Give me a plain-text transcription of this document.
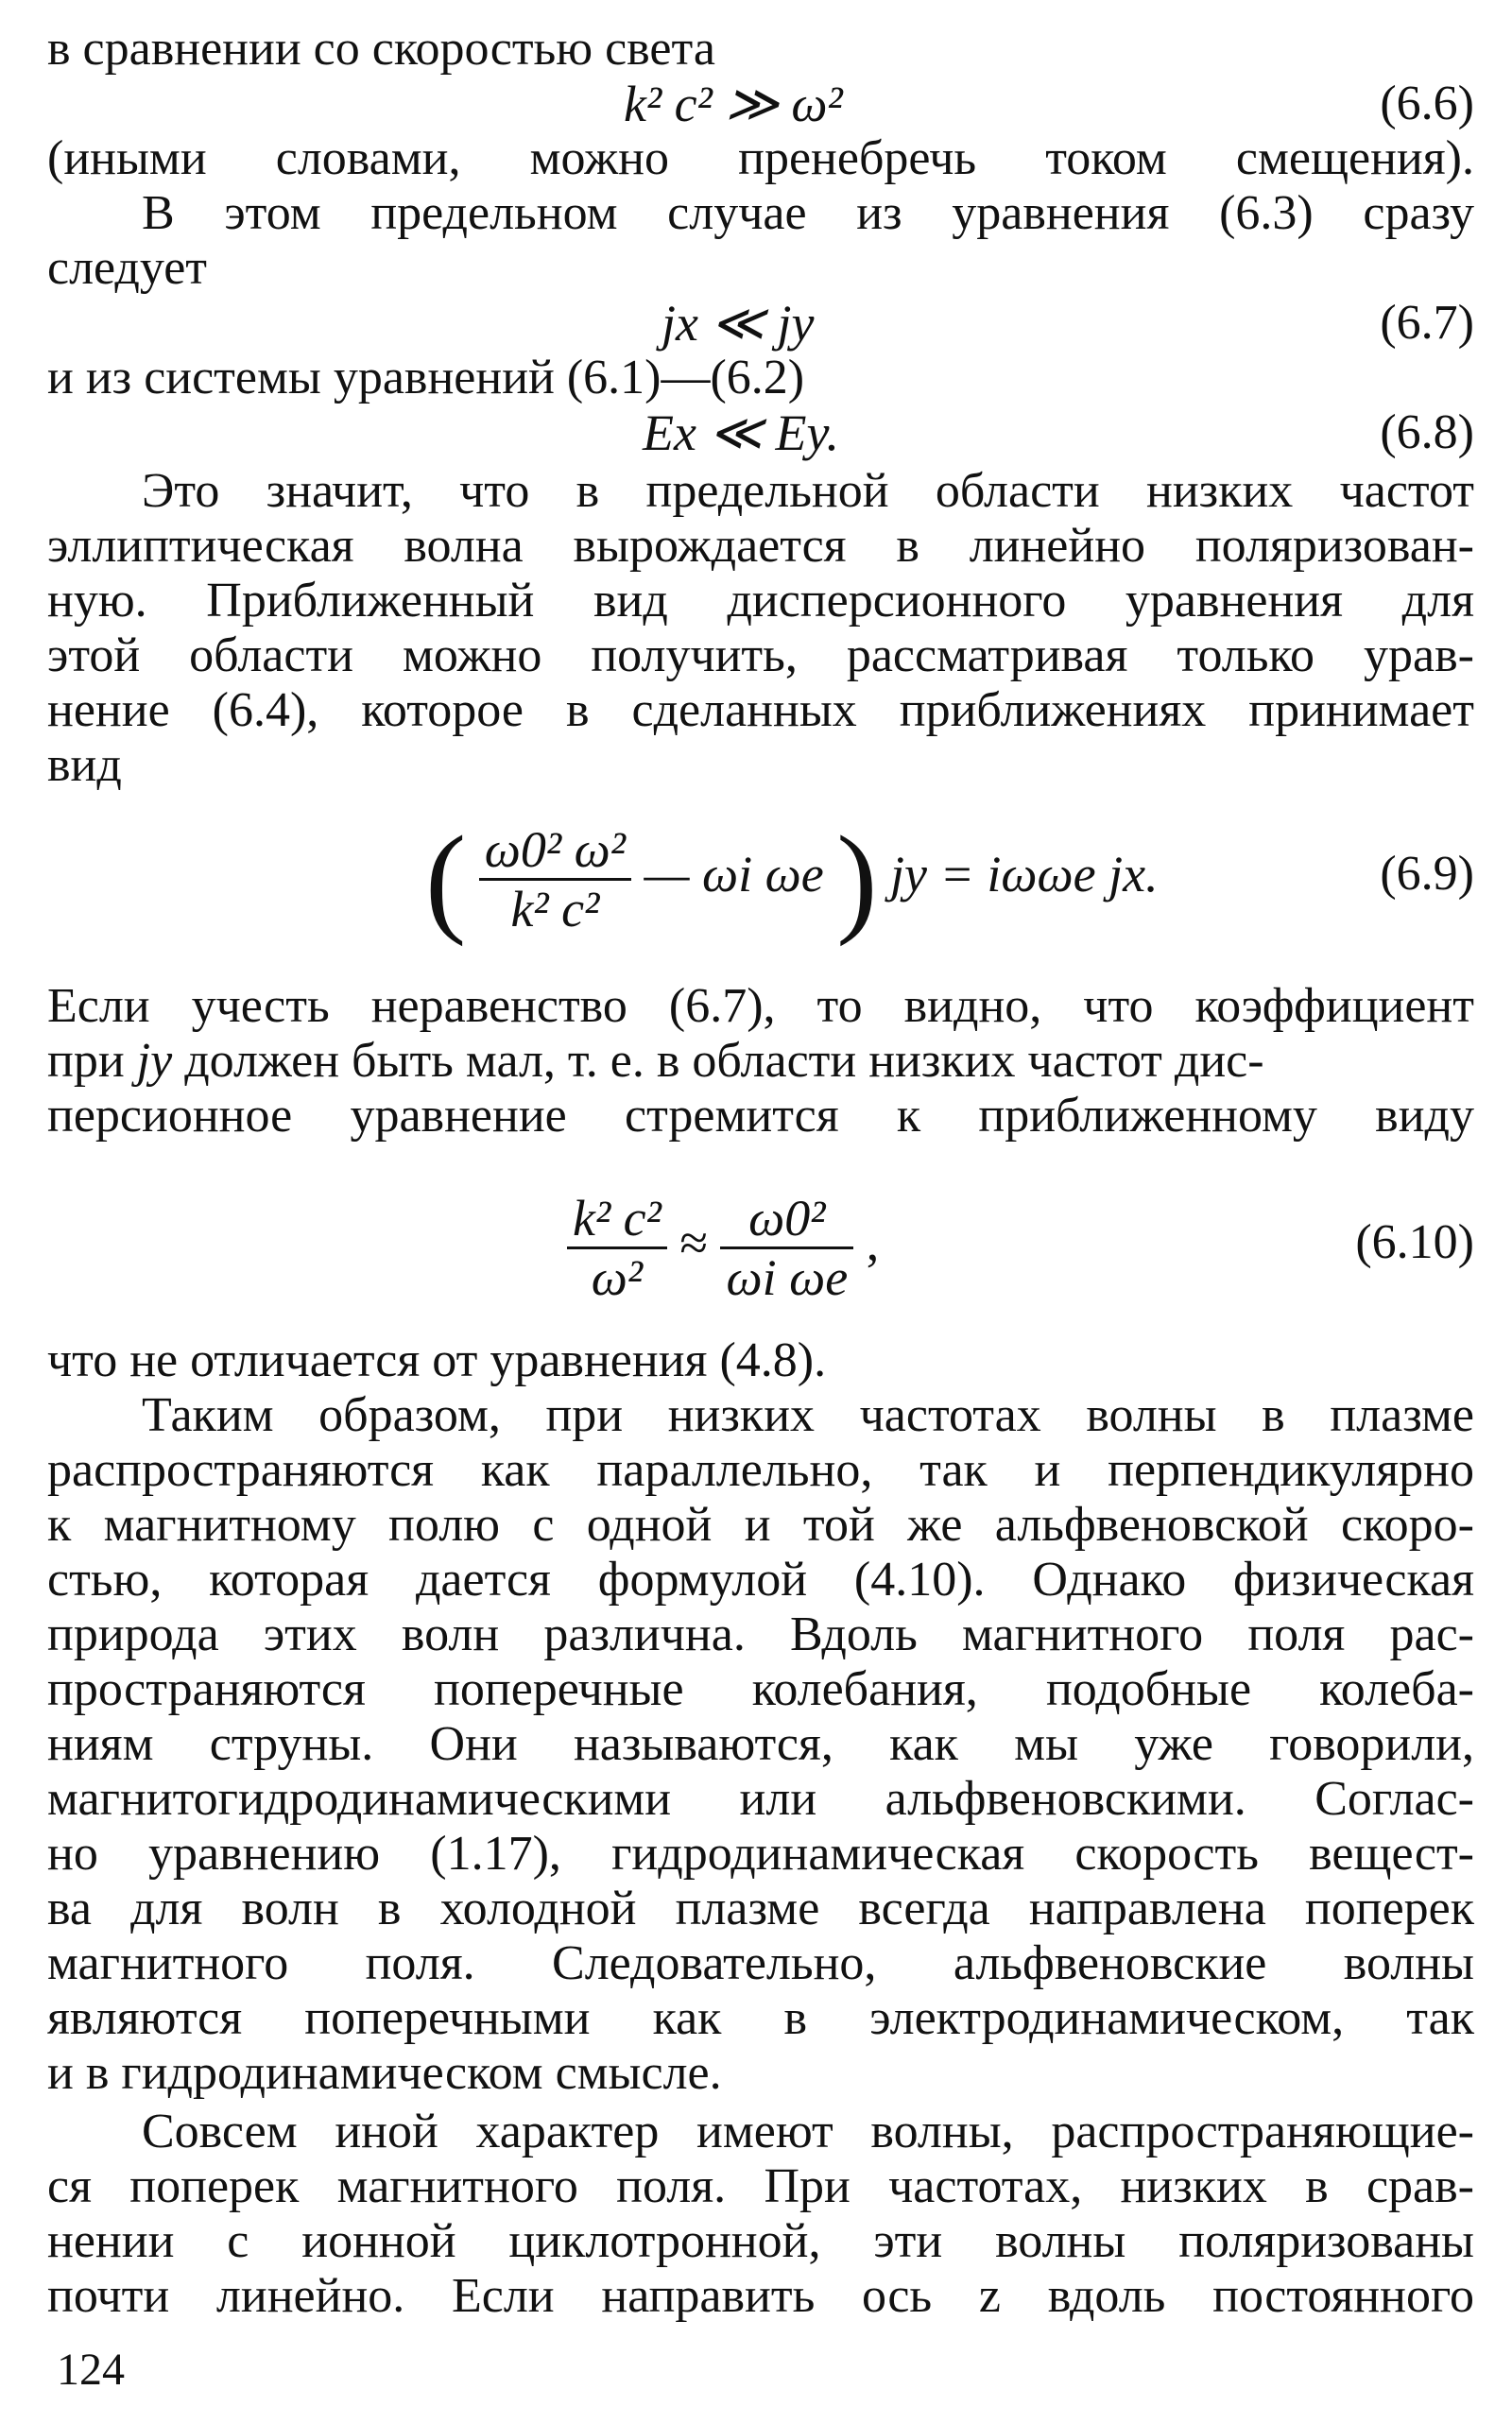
в сравнении со скоростью света
k² c² ≫ ω²	(6.6)
(иными словами, можно пренебречь током смещения).
В этом предельном случае из уравнения (6.3) сразу
следует
jx ≪ jy	(6.7)
и из системы уравнений (6.1)—(6.2)
Ex ≪ Ey.	(6.8)
Это значит, что в предельной области низких частот
эллиптическая волна вырождается в линейно поляризован-
ную. Приближенный вид дисперсионного уравнения для
этой области можно получить, рассматривая только урав-
нение (6.4), которое в сделанных приближениях принимает
вид
( $\frac{\text{ω0² ω²}}{\text{k² c²}}$ — ωi ωe ) jy = iωωe jx.	(6.9)
Если учесть неравенство (6.7), то видно, что коэффициент
при jy должен быть мал, т. е. в области низких частот дис-
персионное уравнение стремится к приближенному виду
$\frac{\text{k² c²}}{\text{ω²}} \approx \frac{\text{ω0²}}{\text{ωi ωe}}$ ,	(6.10)
что не отличается от уравнения (4.8).
Таким образом, при низких частотах волны в плазме
распространяются как параллельно, так и перпендикулярно
к магнитному полю с одной и той же альфвеновской скоро-
стью, которая дается формулой (4.10). Однако физическая
природа этих волн различна. Вдоль магнитного поля рас-
пространяются поперечные колебания, подобные колеба-
ниям струны. Они называются, как мы уже говорили,
магнитогидродинамическими или альфвеновскими. Соглас-
но уравнению (1.17), гидродинамическая скорость вещест-
ва для волн в холодной плазме всегда направлена поперек
магнитного поля. Следовательно, альфвеновские волны
являются поперечными как в электродинамическом, так
и в гидродинамическом смысле.
Совсем иной характер имеют волны, распространяющие-
ся поперек магнитного поля. При частотах, низких в срав-
нении с ионной циклотронной, эти волны поляризованы
почти линейно. Если направить ось z вдоль постоянного
124
